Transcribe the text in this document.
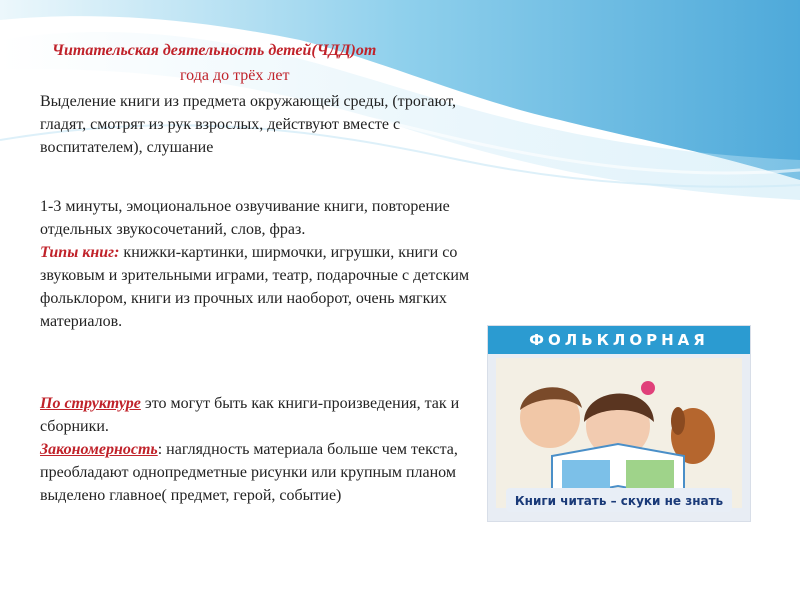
Читательская деятельность детей(ЧДД)от
года до трёх лет
Выделение книги из предмета окружающей среды, (трогают, гладят, смотрят из рук взрослых, действуют вместе с воспитателем), слушание
1-3 минуты, эмоциональное озвучивание книги, повторение отдельных звукосочетаний, слов, фраз.
Типы книг: книжки-картинки, ширмочки, игрушки, книги со звуковым и зрительными играми, театр, подарочные с детским фольклором, книги из прочных или наоборот, очень мягких материалов.
По структуре это могут быть как книги-произведения, так и сборники.
Закономерность: наглядность материала больше чем текста, преобладают однопредметные рисунки или крупным планом выделено главное( предмет, герой, событие)
ФОЛЬКЛОРНАЯ
Книги читать – скуки не знать
